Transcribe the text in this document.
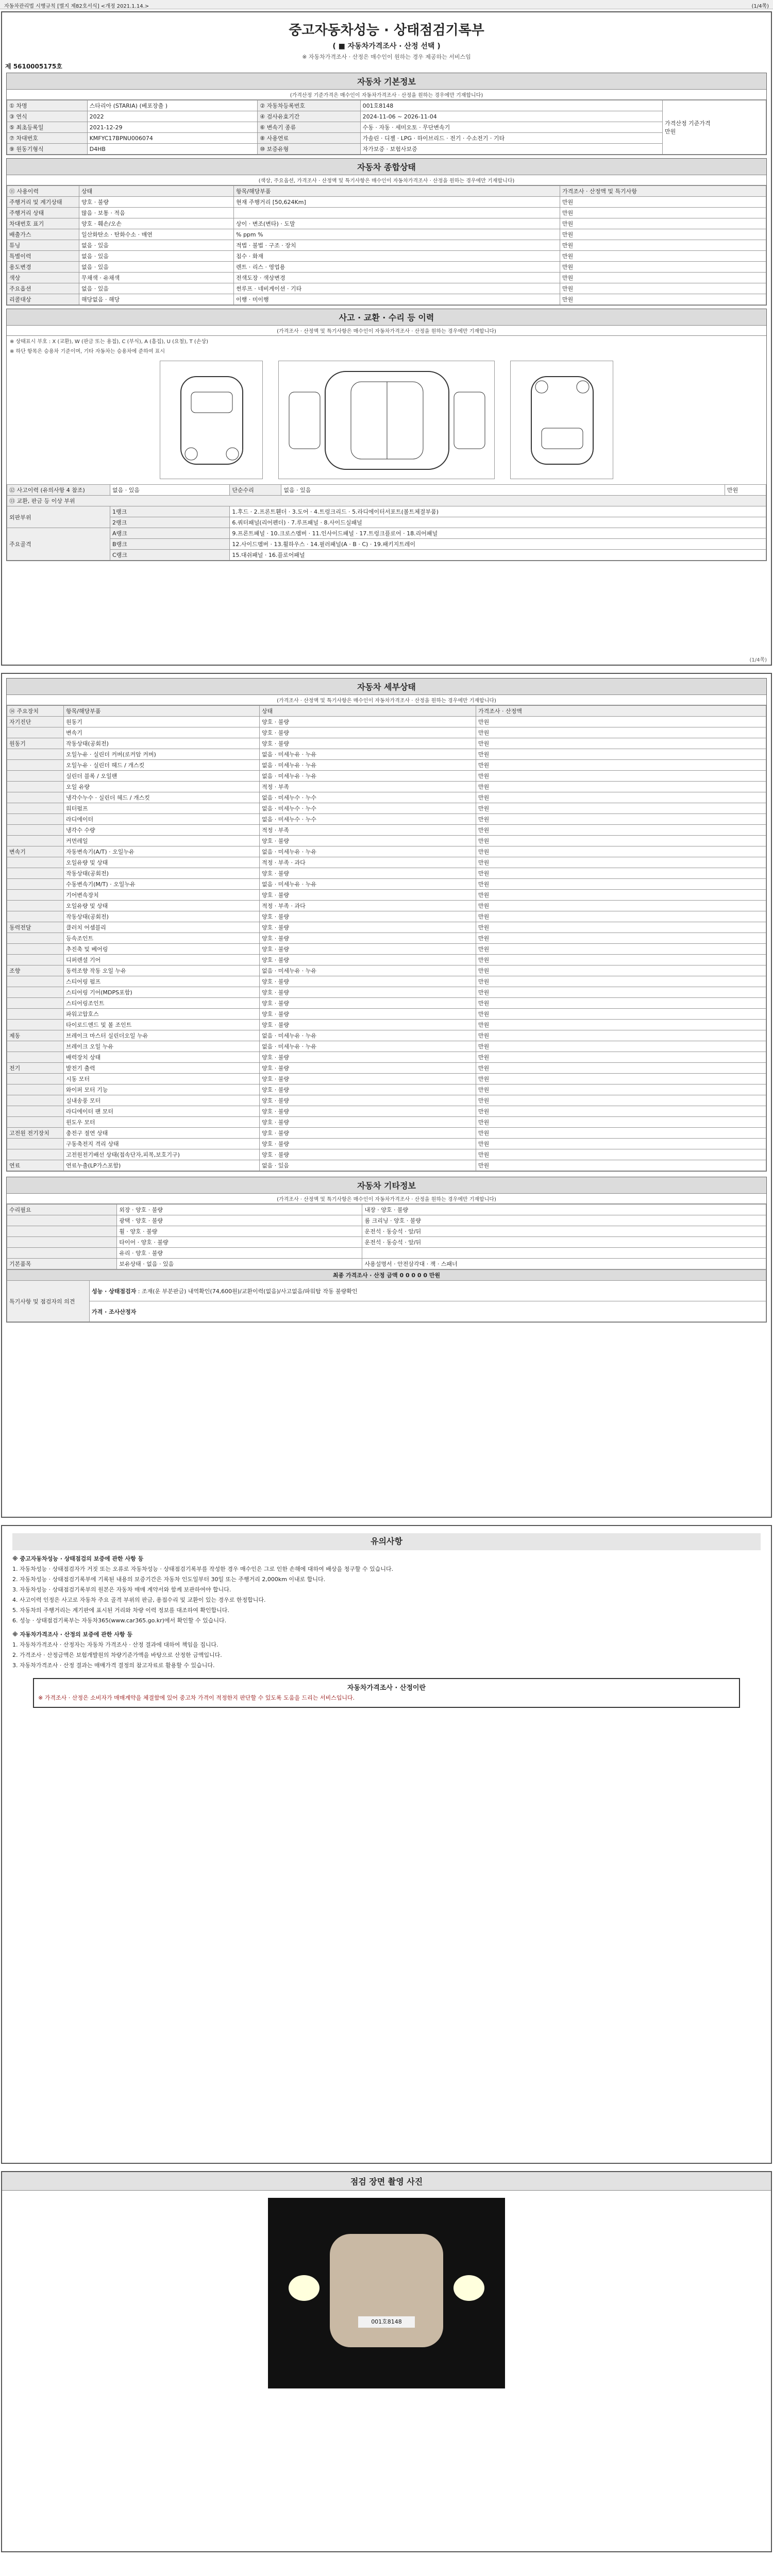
자동차관리법 시행규칙 [별지 제82호서식] <개정 2021.1.14.>	(1/4쪽)
중고자동차성능 · 상태점검기록부
( ■ 자동차가격조사 · 산정 선택 )
※ 자동차가격조사 · 산정은 매수인이 원하는 경우 제공하는 서비스임
제 5610005175호
자동차 기본정보
(가격산정 기준가격은 매수인이 자동차가격조사 · 산정을 원하는 경우에만 기재합니다)
① 차명	스타리아 (STARIA) (베포장출 )	② 자동차등록번호	001호8148	가격산정 기준가격
만원

③ 연식	2022	④ 검사유효기간	2024-11-06 ~ 2026-11-04	
⑤ 최초등록일	2021-12-29	⑥ 변속기 종류	수동 · 자동 · 세미오토 · 무단변속기	
⑦ 차대번호	KMFYC17BPNU006074	⑧ 사용연료	가솔린 · 디젤 · LPG · 하이브리드 · 전기 · 수소전기 · 기타	
⑨ 원동기형식	D4HB	⑩ 보증유형	자가보증 · 보험사보증	
자동차 종합상태
(색상, 주요옵션, 가격조사 · 산정액 및 특기사항은 매수인이 자동차가격조사 · 산정을 원하는 경우에만 기재합니다)
⑪ 사용이력	상태	항목/해당부품	가격조사 · 산정액 및 특기사항
주행거리 및 계기상태	양호 · 불량	현재 주행거리 [50,624Km]	만원
주행거리 상태	많음 · 보통 · 적음		만원
차대번호 표기	양호 · 훼손/오손	상이 · 변조(변타) · 도말	만원
배출가스	일산화탄소 · 탄화수소 · 매연	% ppm %	만원
튜닝	없음 · 있음	적법 · 불법 · 구조 · 장치	만원
특별이력	없음 · 있음	침수 · 화재	만원
용도변경	없음 · 있음	렌트 · 리스 · 영업용	만원
색상	무채색 · 유채색	전색도장 · 색상변경	만원
주요옵션	없음 · 있음	썬루프 · 네비게이션 · 기타	만원
리콜대상	해당없음 · 해당	이행 · 미이행	만원
사고 · 교환 · 수리 등 이력
(가격조사 · 산정액 및 특기사항은 매수인이 자동차가격조사 · 산정을 원하는 경우에만 기재합니다)
※ 상태표시 부호 : X (교환), W (판금 또는 용접), C (부식), A (흠집), U (요철), T (손상)
※ 하단 항목은 승용차 기준이며, 기타 자동차는 승용차에 준하여 표시
⑫ 사고이력 (유의사항 4 참조)	없음 · 있음	단순수리	없음 · 있음	만원
⑬ 교환, 판금 등 이상 부위				
외판부위	1랭크	1.후드 · 2.프론트휀더 · 3.도어 · 4.트렁크리드 · 5.라디에이터서포트(볼트체결부품)		
	2랭크	6.쿼터패널(리어펜더) · 7.루프패널 · 8.사이드실패널		
주요골격	A랭크	9.프론트패널 · 10.크로스멤버 · 11.인사이드패널 · 17.트렁크플로어 · 18.리어패널		
	B랭크	12.사이드멤버 · 13.휠하우스 · 14.필러패널(A · B · C) · 19.패키지트레이		
	C랭크	15.대쉬패널 · 16.플로어패널		
(1/4쪽)
자동차 세부상태
(가격조사 · 산정액 및 특기사항은 매수인이 자동차가격조사 · 산정을 원하는 경우에만 기재합니다)
⑭ 주요장치	항목/해당부품	상태	가격조사 · 산정액
자기진단	원동기	양호 · 불량	만원
	변속기	양호 · 불량	만원
원동기	작동상태(공회전)	양호 · 불량	만원
	오일누유 · 실린더 커버(로커암 커버)	없음 · 미세누유 · 누유	만원
	오일누유 · 실린더 헤드 / 개스킷	없음 · 미세누유 · 누유	만원
	실린더 블록 / 오일팬	없음 · 미세누유 · 누유	만원
	오일 유량	적정 · 부족	만원
	냉각수누수 · 실린더 헤드 / 개스킷	없음 · 미세누수 · 누수	만원
	워터펌프	없음 · 미세누수 · 누수	만원
	라디에이터	없음 · 미세누수 · 누수	만원
	냉각수 수량	적정 · 부족	만원
	커먼레일	양호 · 불량	만원
변속기	자동변속기(A/T) · 오일누유	없음 · 미세누유 · 누유	만원
	오일유량 및 상태	적정 · 부족 · 과다	만원
	작동상태(공회전)	양호 · 불량	만원
	수동변속기(M/T) · 오일누유	없음 · 미세누유 · 누유	만원
	기어변속장치	양호 · 불량	만원
	오일유량 및 상태	적정 · 부족 · 과다	만원
	작동상태(공회전)	양호 · 불량	만원
동력전달	클러치 어셈블리	양호 · 불량	만원
	등속조인트	양호 · 불량	만원
	추진축 및 베어링	양호 · 불량	만원
	디퍼렌셜 기어	양호 · 불량	만원
조향	동력조향 작동 오일 누유	없음 · 미세누유 · 누유	만원
	스티어링 펌프	양호 · 불량	만원
	스티어링 기어(MDPS포함)	양호 · 불량	만원
	스티어링조인트	양호 · 불량	만원
	파워고압호스	양호 · 불량	만원
	타이로드엔드 및 볼 조인트	양호 · 불량	만원
제동	브레이크 마스터 실린더오일 누유	없음 · 미세누유 · 누유	만원
	브레이크 오일 누유	없음 · 미세누유 · 누유	만원
	배력장치 상태	양호 · 불량	만원
전기	발전기 출력	양호 · 불량	만원
	시동 모터	양호 · 불량	만원
	와이퍼 모터 기능	양호 · 불량	만원
	실내송풍 모터	양호 · 불량	만원
	라디에이터 팬 모터	양호 · 불량	만원
	윈도우 모터	양호 · 불량	만원
고전원 전기장치	충전구 절연 상태	양호 · 불량	만원
	구동축전지 격리 상태	양호 · 불량	만원
	고전원전기배선 상태(접속단자,피복,보호기구)	양호 · 불량	만원
연료	연료누출(LP가스포함)	없음 · 있음	만원
자동차 기타정보
(가격조사 · 산정액 및 특기사항은 매수인이 자동차가격조사 · 산정을 원하는 경우에만 기재합니다)
수리필요	외장 · 양호 · 불량	내장 · 양호 · 불량
	광택 · 양호 · 불량	룸 크리닝 · 양호 · 불량
	휠 · 양호 · 불량	운전석 · 동승석 · 앞/뒤
	타이어 · 양호 · 불량	운전석 · 동승석 · 앞/뒤
	유리 · 양호 · 불량	
기본품목	보유상태 · 없음 · 있음	사용설명서 · 안전삼각대 · 잭 · 스패너
최종 가격조사 · 산정 금액 0 0 0 0 0 만원
특기사항 및 점검자의 의견	성능 · 상태점검자 : 조재(운 부분판금) 내역확인(74,600원)/교환이력(없음)/사고없음/파워탑 작동 불량확인
가격 · 조사산정자
유의사항

※ 중고자동차성능 · 상태점검의 보증에 관한 사항 등

1. 자동차성능 · 상태점검자가 거짓 또는 오류로 자동차성능 · 상태점검기록부를 작성한 경우 매수인은 그로 인한 손해에 대하여 배상을 청구할 수 있습니다.

2. 자동차성능 · 상태점검기록부에 기록된 내용의 보증기간은 자동차 인도일부터 30일 또는 주행거리 2,000km 이내로 합니다.

3. 자동차성능 · 상태점검기록부의 원본은 자동차 매매 계약서와 함께 보관하여야 합니다.

4. 사고이력 인정은 사고로 자동차 주요 골격 부위의 판금, 용접수리 및 교환이 있는 경우로 한정합니다.

5. 자동차의 주행거리는 계기판에 표시된 거리와 차량 이력 정보를 대조하여 확인합니다.

6. 성능 · 상태점검기록부는 자동차365(www.car365.go.kr)에서 확인할 수 있습니다.

※ 자동차가격조사 · 산정의 보증에 관한 사항 등

1. 자동차가격조사 · 산정자는 자동차 가격조사 · 산정 결과에 대하여 책임을 집니다.

2. 가격조사 · 산정금액은 보험개발원의 차량기준가액을 바탕으로 산정한 금액입니다.

3. 자동차가격조사 · 산정 결과는 매매가격 결정의 참고자료로 활용할 수 있습니다.

자동차가격조사 · 산정이란
※ 가격조사 · 산정은 소비자가 매매계약을 체결함에 있어 중고차 가격이 적정한지 판단할 수 있도록 도움을 드리는 서비스입니다.
점검 장면 촬영 사진
001호8148
